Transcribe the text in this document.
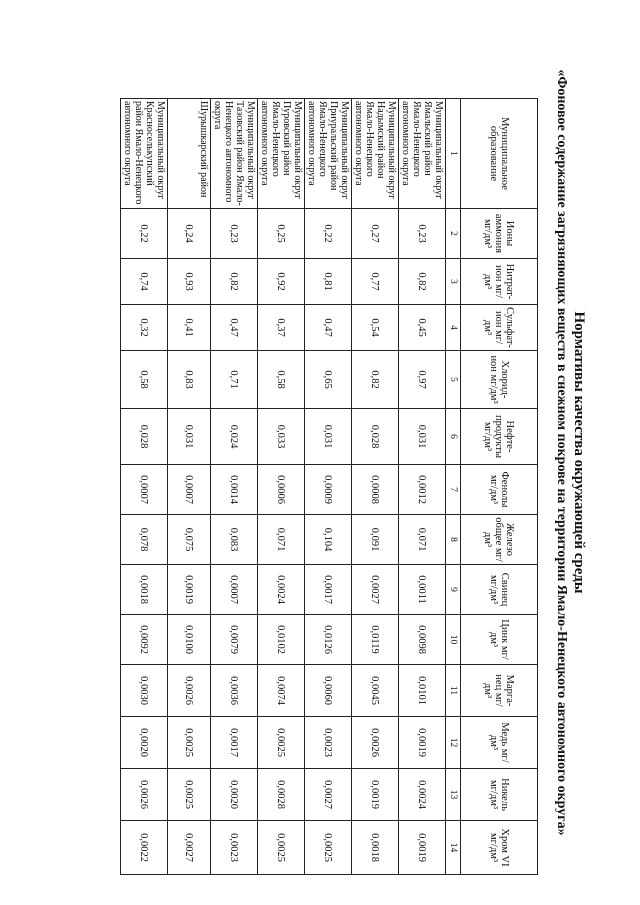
Нормативы качества окружающей среды
«Фоновое содержание загрязняющих веществ в снежном покрове на территории Ямало-Ненецкого автономного округа»
Муниципальное образование	Ионы аммония мг/дм³	Нитрат-ион мг/дм³	Сульфат-ион мг/дм³	Хлорид-ион мг/дм³	Нефте-продукты мг/дм³	Фенолы мг/дм³	Железо общее мг/дм³	Свинец мг/дм³	Цинк мг/дм³	Марга-нец мг/дм³	Медь мг/дм³	Никель мг/дм³	Хром VI мг/дм³
1	2	3	4	5	6	7	8	9	10	11	12	13	14
Муниципальный округ Ямальский район Ямало-Ненецкого автономного округа	0,23	0,82	0,45	0,97	0,031	0,0012	0,071	0,0011	0,0098	0,0101	0,0019	0,0024	0,0019
Муниципальный округ Надымский район Ямало-Ненецкого автономного округа	0,27	0,77	0,54	0,82	0,028	0,0008	0,091	0,0027	0,0119	0,0045	0,0026	0,0019	0,0018
Муниципальный округ Приуральский район Ямало-Ненецкого автономного округа	0,22	0,81	0,47	0,65	0,031	0,0009	0,104	0,0017	0,0126	0,0060	0,0023	0,0027	0,0025
Муниципальный округ Пуровский район Ямало-Ненецкого автономного округа	0,25	0,92	0,37	0,58	0,033	0,0006	0,071	0,0024	0,0102	0,0074	0,0025	0,0028	0,0025
Муниципальный округ Тазовский район Ямало-Ненецкого автономного округа	0,23	0,82	0,47	0,71	0,024	0,0014	0,083	0,0007	0,0079	0,0036	0,0017	0,0020	0,0023
Шурышкарский район	0,24	0,93	0,41	0,83	0,031	0,0007	0,075	0,0019	0,0100	0,0026	0,0025	0,0025	0,0027
Муниципальный округ Красноселькупский район Ямало-Ненецкого автономного округа	0,22	0,74	0,32	0,58	0,028	0,0007	0,078	0,0018	0,0092	0,0030	0,0020	0,0026	0,0022
